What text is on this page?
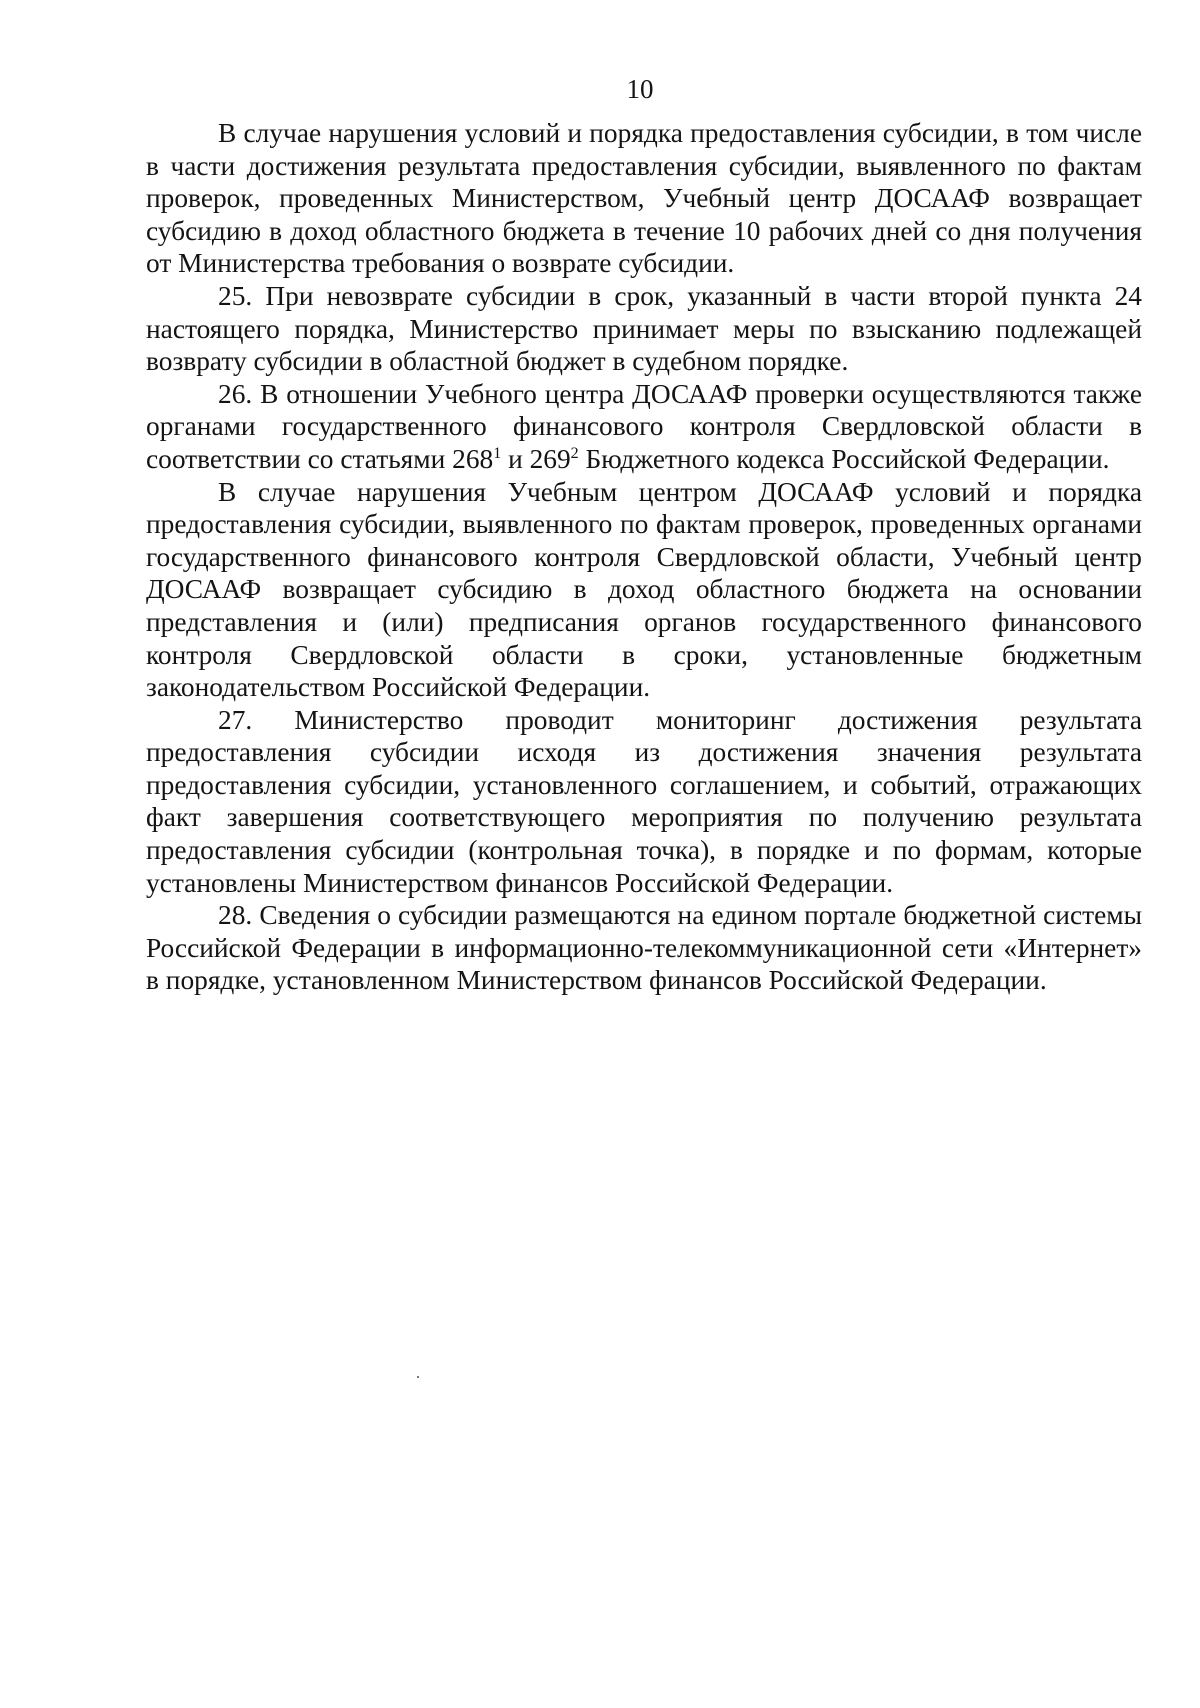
10

В случае нарушения условий и порядка предоставления субсидии, в том числе в части достижения результата предоставления субсидии, выявленного по фактам проверок, проведенных Министерством, Учебный центр ДОСААФ возвращает субсидию в доход областного бюджета в течение 10 рабочих дней со дня получения от Министерства требования о возврате субсидии.

25. При невозврате субсидии в срок, указанный в части второй пункта 24 настоящего порядка, Министерство принимает меры по взысканию подлежащей возврату субсидии в областной бюджет в судебном порядке.

26. В отношении Учебного центра ДОСААФ проверки осуществляются также органами государственного финансового контроля Свердловской области в соответствии со статьями $268^1$ и $269^2$ Бюджетного кодекса Российской Федерации.

В случае нарушения Учебным центром ДОСААФ условий и порядка предоставления субсидии, выявленного по фактам проверок, проведенных органами государственного финансового контроля Свердловской области, Учебный центр ДОСААФ возвращает субсидию в доход областного бюджета на основании представления и (или) предписания органов государственного финансового контроля Свердловской области в сроки, установленные бюджетным законодательством Российской Федерации.

27. Министерство проводит мониторинг достижения результата предоставления субсидии исходя из достижения значения результата предоставления субсидии, установленного соглашением, и событий, отражающих факт завершения соответствующего мероприятия по получению результата предоставления субсидии (контрольная точка), в порядке и по формам, которые установлены Министерством финансов Российской Федерации.

28. Сведения о субсидии размещаются на едином портале бюджетной системы Российской Федерации в информационно-телекоммуникационной сети «Интернет» в порядке, установленном Министерством финансов Российской Федерации.
